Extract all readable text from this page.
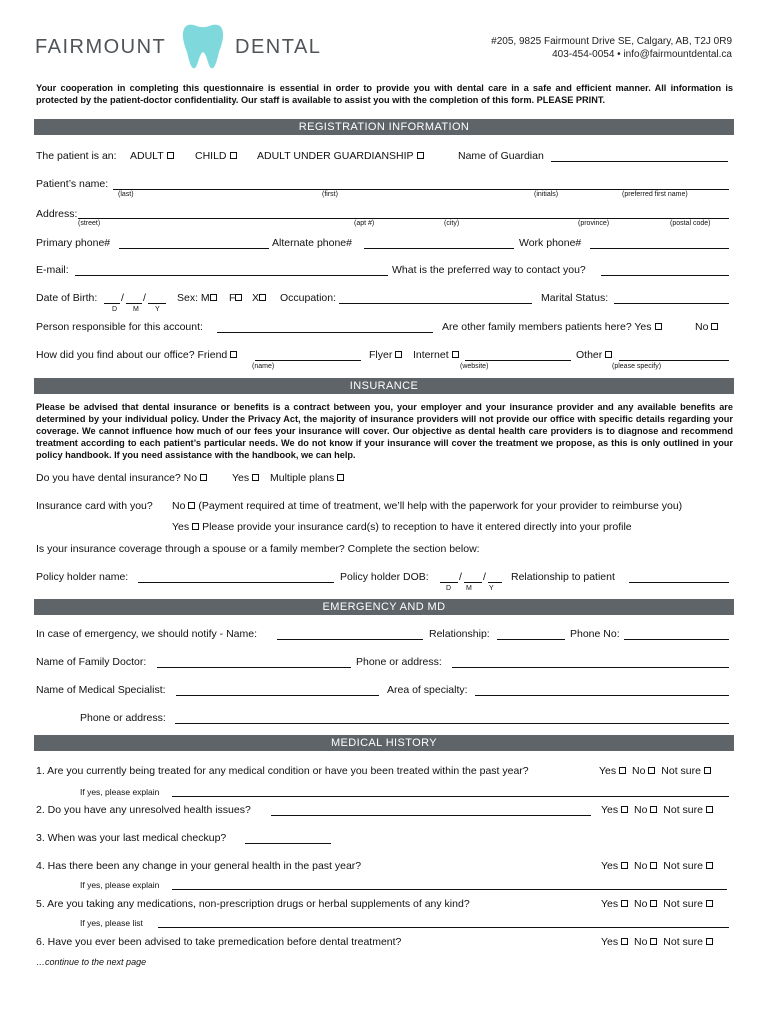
FAIRMOUNT	DENTAL	#205, 9825 Fairmount Drive SE, Calgary, AB, T2J 0R9
403-454-0054 • info@fairmountdental.ca
Your cooperation in completing this questionnaire is essential in order to provide you with dental care in a safe and efficient manner. All information is protected by the patient-doctor confidentiality. Our staff is available to assist you with the completion of this form. PLEASE PRINT.
REGISTRATION INFORMATION
The patient is an: ADULT	CHILD	ADULT UNDER GUARDIANSHIP	Name of Guardian
Patient’s name:
(last)	(first)	(initials)	(preferred first name)
Address:
(street)	(apt #)	(city)	(province)	(postal code)
Primary phone#	Alternate phone#	Work phone#
E-mail:	What is the preferred way to contact you?
Date of Birth: / /
D M Y
Sex: M	F	X	Occupation:	Marital Status:
Person responsible for this account:	Are other family members patients here? Yes	No
How did you find about our office? Friend
(name)
Flyer	Internet
(website)
Other
(please specify)
INSURANCE
Please be advised that dental insurance or benefits is a contract between you, your employer and your insurance provider and any available benefits are determined by your individual policy. Under the Privacy Act, the majority of insurance providers will not provide our office with specific details regarding your coverage. We cannot influence how much of our fees your insurance will cover. Our objective as dental health care providers is to diagnose and recommend treatment according to each patient’s particular needs. We do not know if your insurance will cover the treatment we propose, as this is only outlined in your policy handbook. If you need assistance with the handbook, we can help.
Do you have dental insurance? No	Yes	Multiple plans
Insurance card with you? No (Payment required at time of treatment, we’ll help with the paperwork for your provider to reimburse you)
Yes Please provide your insurance card(s) to reception to have it entered directly into your profile
Is your insurance coverage through a spouse or a family member? Complete the section below:
Policy holder name:	Policy holder DOB:	/ /
D M Y
Relationship to patient
EMERGENCY AND MD
In case of emergency, we should notify - Name:	Relationship:	Phone No:
Name of Family Doctor:	Phone or address:
Name of Medical Specialist:	Area of specialty:
Phone or address:
MEDICAL HISTORY
1. Are you currently being treated for any medical condition or have you been treated within the past year?	Yes No Not sure
If yes, please explain
2. Do you have any unresolved health issues?	Yes No Not sure
3. When was your last medical checkup?
4. Has there been any change in your general health in the past year?	Yes No Not sure
If yes, please explain
5. Are you taking any medications, non-prescription drugs or herbal supplements of any kind?	Yes No Not sure
If yes, please list
6. Have you ever been advised to take premedication before dental treatment?	Yes No Not sure
…continue to the next page
